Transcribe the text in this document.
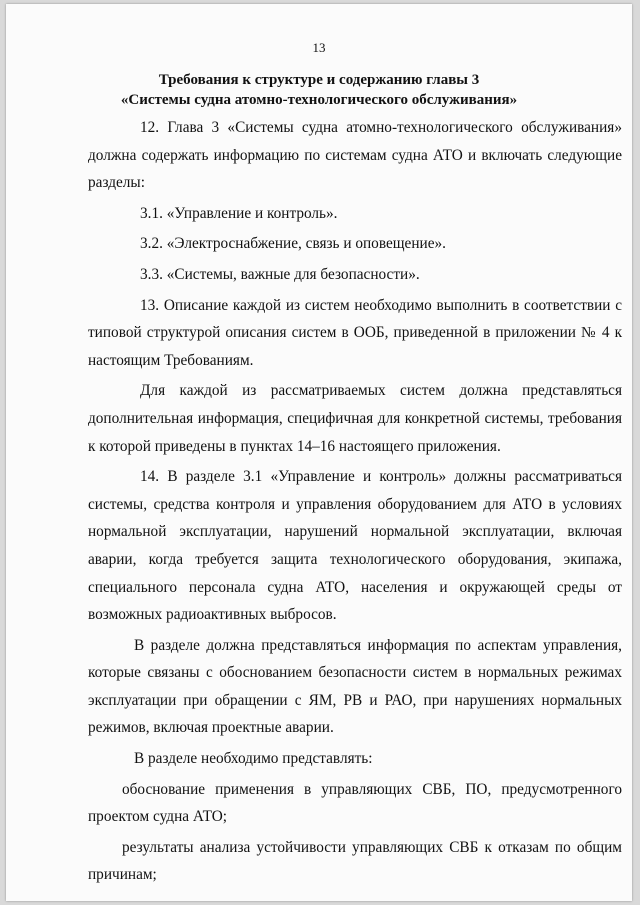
13
Требования к структуре и содержанию главы 3
«Системы судна атомно-технологического обслуживания»

12. Глава 3 «Системы судна атомно-технологического обслуживания» должна содержать информацию по системам судна АТО и включать следующие разделы:

3.1. «Управление и контроль».

3.2. «Электроснабжение, связь и оповещение».

3.3. «Системы, важные для безопасности».

13. Описание каждой из систем необходимо выполнить в соответствии с типовой структурой описания систем в ООБ, приведенной в приложении № 4 к настоящим Требованиям.

Для каждой из рассматриваемых систем должна представляться дополнительная информация, специфичная для конкретной системы, требования к которой приведены в пунктах 14–16 настоящего приложения.

14. В разделе 3.1 «Управление и контроль» должны рассматриваться системы, средства контроля и управления оборудованием для АТО в условиях нормальной эксплуатации, нарушений нормальной эксплуатации, включая аварии, когда требуется защита технологического оборудования, экипажа, специального персонала судна АТО, населения и окружающей среды от возможных радиоактивных выбросов.

В разделе должна представляться информация по аспектам управления, которые связаны с обоснованием безопасности систем в нормальных режимах эксплуатации при обращении с ЯМ, РВ и РАО, при нарушениях нормальных режимов, включая проектные аварии.

В разделе необходимо представлять:

обоснование применения в управляющих СВБ, ПО, предусмотренного проектом судна АТО;

результаты анализа устойчивости управляющих СВБ к отказам по общим причинам;
